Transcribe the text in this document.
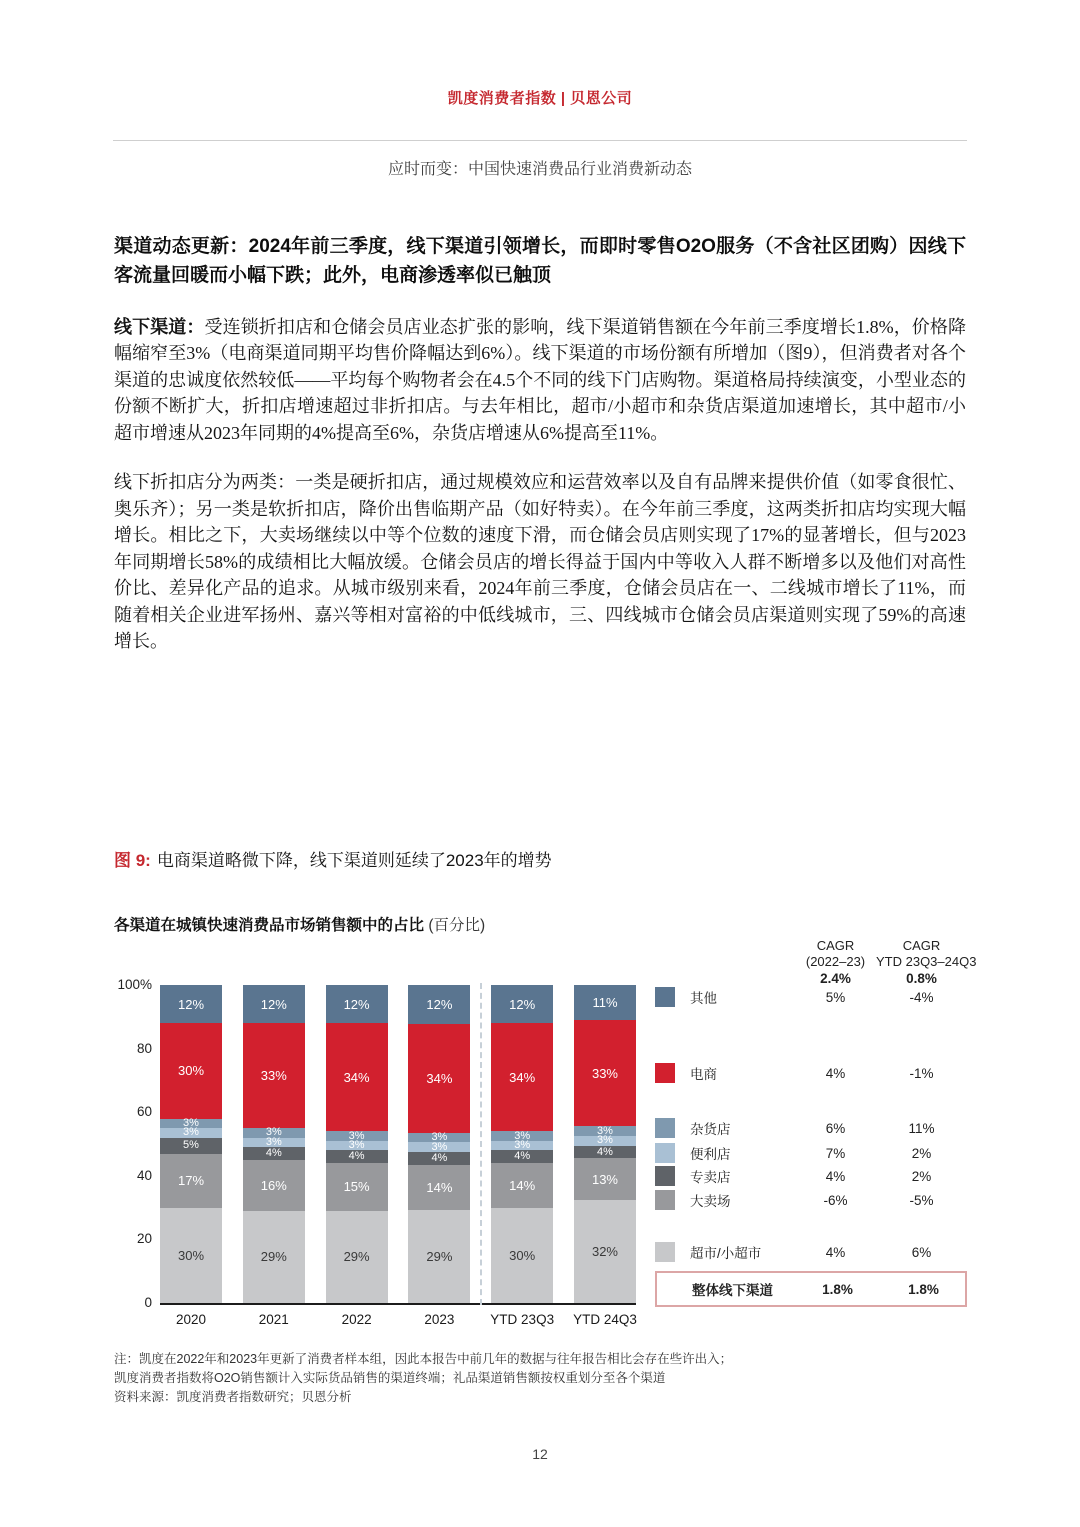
凯度消费者指数 | 贝恩公司
应时而变：中国快速消费品行业消费新动态
渠道动态更新：2024年前三季度，线下渠道引领增长，而即时零售O2O服务（不含社区团购）因线下客流量回暖而小幅下跌；此外，电商渗透率似已触顶

线下渠道：受连锁折扣店和仓储会员店业态扩张的影响，线下渠道销售额在今年前三季度增长1.8%，价格降幅缩窄至3%（电商渠道同期平均售价降幅达到6%）。线下渠道的市场份额有所增加（图9），但消费者对各个渠道的忠诚度依然较低——平均每个购物者会在4.5个不同的线下门店购物。渠道格局持续演变，小型业态的份额不断扩大，折扣店增速超过非折扣店。与去年相比，超市/小超市和杂货店渠道加速增长，其中超市/小超市增速从2023年同期的4%提高至6%，杂货店增速从6%提高至11%。

线下折扣店分为两类：一类是硬折扣店，通过规模效应和运营效率以及自有品牌来提供价值（如零食很忙、奥乐齐）；另一类是软折扣店，降价出售临期产品（如好特卖）。在今年前三季度，这两类折扣店均实现大幅增长。相比之下，大卖场继续以中等个位数的速度下滑，而仓储会员店则实现了17%的显著增长，但与2023年同期增长58%的成绩相比大幅放缓。仓储会员店的增长得益于国内中等收入人群不断增多以及他们对高性价比、差异化产品的追求。从城市级别来看，2024年前三季度，仓储会员店在一、二线城市增长了11%，而随着相关企业进军扬州、嘉兴等相对富裕的中低线城市，三、四线城市仓储会员店渠道则实现了59%的高速增长。

图 9: 电商渠道略微下降，线下渠道则延续了2023年的增势
各渠道在城镇快速消费品市场销售额中的占比 (百分比)
100%
80
60
40
20
0
12%
30%
3%
3%
5%
17%
30%
12%
33%
3%
3%
4%
16%
29%
12%
34%
3%
3%
4%
15%
29%
12%
34%
3%
3%
4%
14%
29%
12%
34%
3%
3%
4%
14%
30%
11%
33%
3%
3%
4%
13%
32%
2020	2021	2022	2023	YTD 23Q3 YTD 24Q3
CAGR
(2022–23)
2.4%
CAGR
YTD 23Q3–24Q3
0.8%
其他	5%	-4%
电商	4%	-1%
杂货店	6%	11%
便利店	7%	2%
专卖店	4%	2%
大卖场	-6%	-5%
超市/小超市	4%	6%
整体线下渠道	1.8%	1.8%
注：凯度在2022年和2023年更新了消费者样本组，因此本报告中前几年的数据与往年报告相比会存在些许出入；
凯度消费者指数将O2O销售额计入实际货品销售的渠道终端；礼品渠道销售额按权重划分至各个渠道
资料来源：凯度消费者指数研究；贝恩分析
12
